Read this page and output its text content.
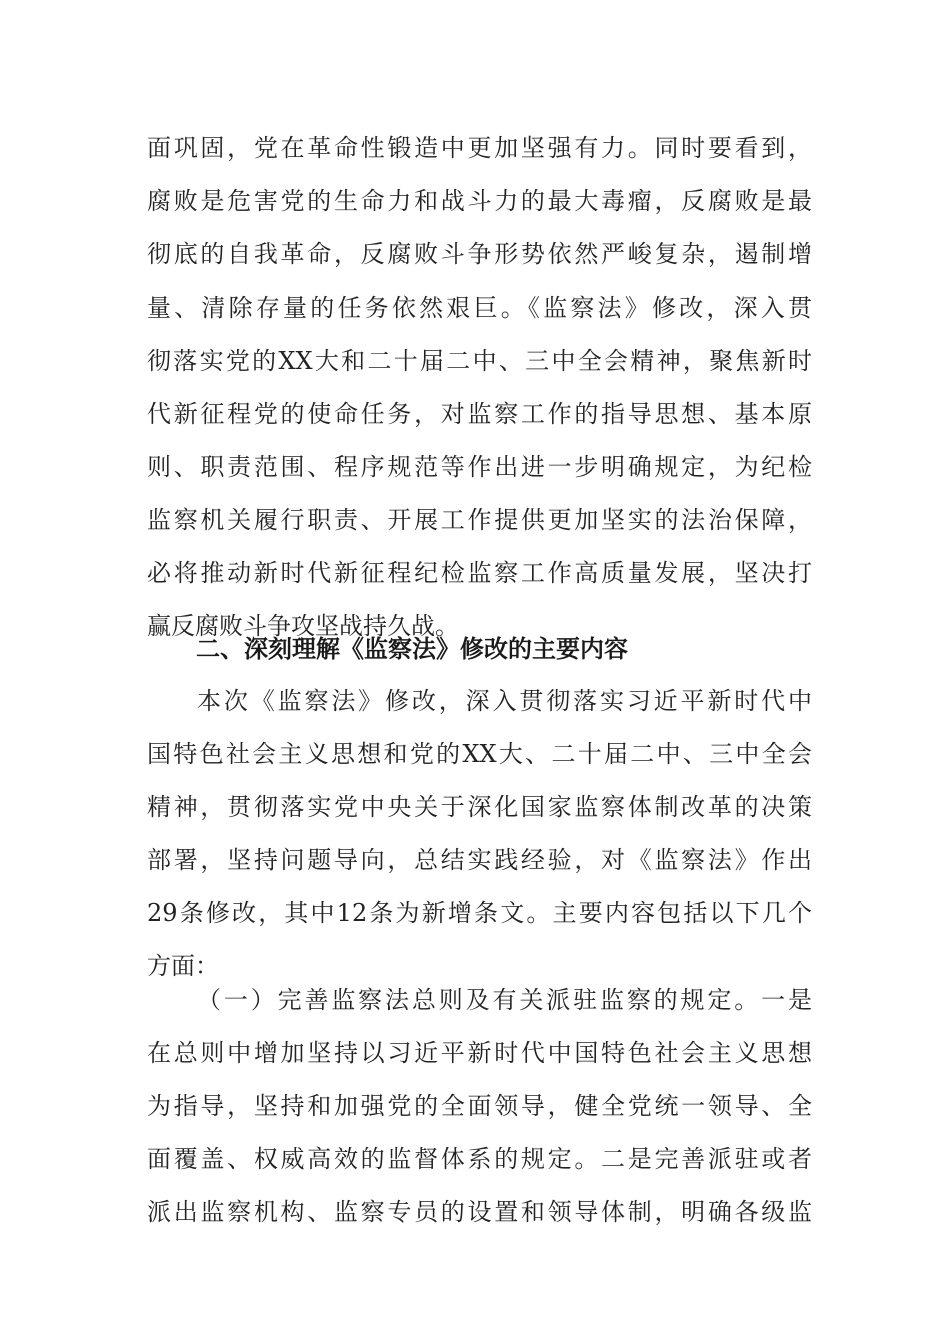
面巩固，党在革命性锻造中更加坚强有力。同时要看到，
腐败是危害党的生命力和战斗力的最大毒瘤，反腐败是最
彻底的自我革命，反腐败斗争形势依然严峻复杂，遏制增
量、清除存量的任务依然艰巨。《监察法》修改，深入贯
彻落实党的XX大和二十届二中、三中全会精神，聚焦新时
代新征程党的使命任务，对监察工作的指导思想、基本原
则、职责范围、程序规范等作出进一步明确规定，为纪检
监察机关履行职责、开展工作提供更加坚实的法治保障，
必将推动新时代新征程纪检监察工作高质量发展，坚决打
赢反腐败斗争攻坚战持久战。
二、深刻理解《监察法》修改的主要内容
本次《监察法》修改，深入贯彻落实习近平新时代中
国特色社会主义思想和党的XX大、二十届二中、三中全会
精神，贯彻落实党中央关于深化国家监察体制改革的决策
部署，坚持问题导向，总结实践经验，对《监察法》作出
29条修改，其中12条为新增条文。主要内容包括以下几个
方面：
（一）完善监察法总则及有关派驻监察的规定。一是
在总则中增加坚持以习近平新时代中国特色社会主义思想
为指导，坚持和加强党的全面领导，健全党统一领导、全
面覆盖、权威高效的监督体系的规定。二是完善派驻或者
派出监察机构、监察专员的设置和领导体制，明确各级监
